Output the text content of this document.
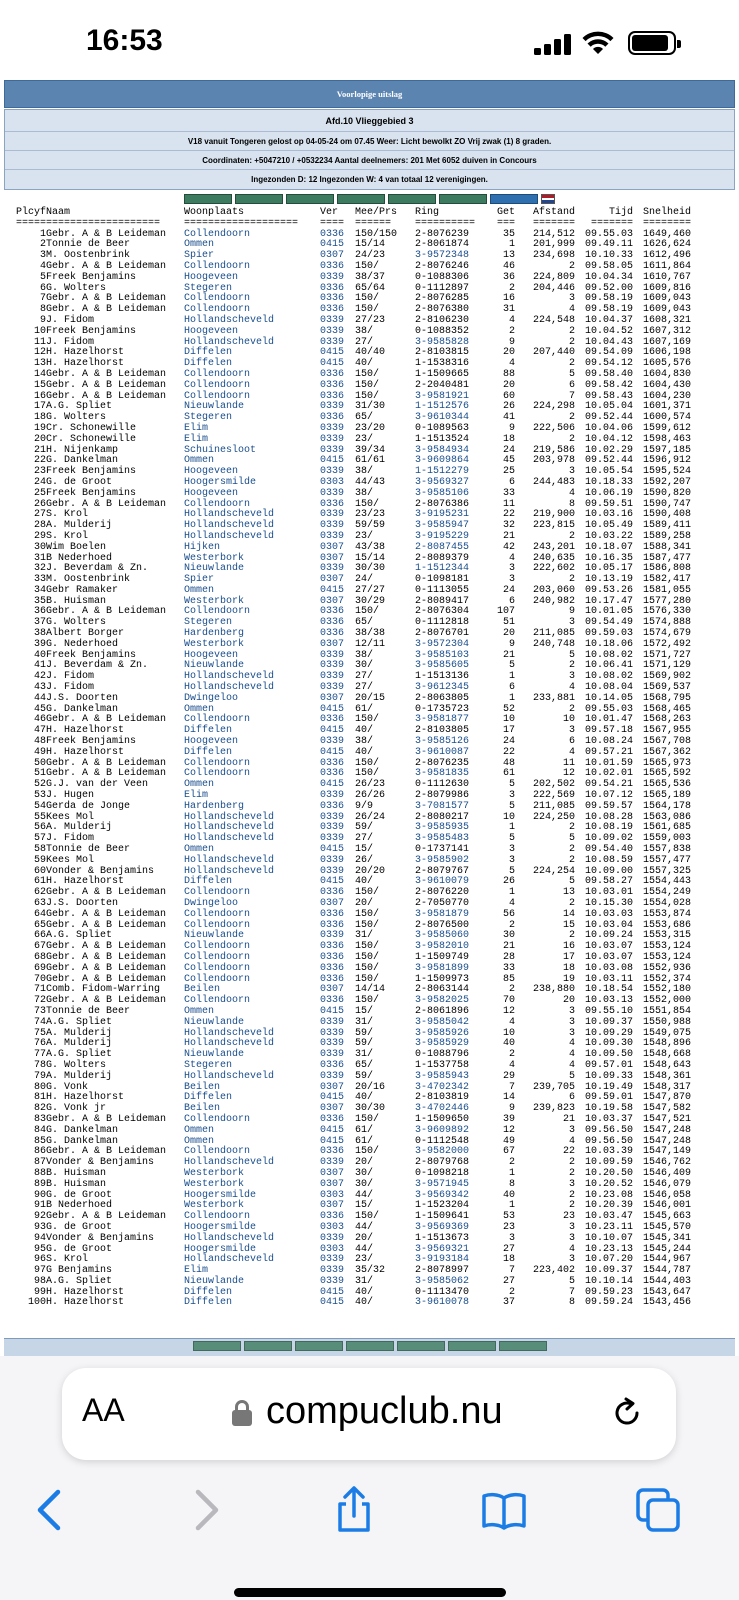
16:53
Voorlopige uitslag
Afd.10 Vlieggebied 3
V18 vanuit Tongeren gelost op 04-05-24 om 07.45 Weer: Licht bewolkt ZO Vrij zwak (1) 8 graden.
Coordinaten: +5047210 / +0532234 Aantal deelnemers: 201 Met 6052 duiven in Concours
Ingezonden D: 12 Ingezonden W: 4 van totaal 12 verenigingen.
Plcyf	Naam	Woonplaats	Ver	Mee/Prs	Ring	Get	Afstand	Tijd	Snelheid
=====	===================	===================	====	======	==========	===	=======	=======	========
1	Gebr. A & B Leideman	Collendoorn	0336	150/150	2-8076239	35	214,512	09.55.03	1649,460
2	Tonnie de Beer	Ommen	0415	15/14	2-8061874	1	201,999	09.49.11	1626,624
3	M. Oostenbrink	Spier	0307	24/23	3-9572348	13	234,698	10.10.33	1612,496
4	Gebr. A & B Leideman	Collendoorn	0336	150/	2-8076246	46	2	09.58.05	1611,864
5	Freek Benjamins	Hoogeveen	0339	38/37	0-1088306	36	224,809	10.04.34	1610,767
6	G. Wolters	Stegeren	0336	65/64	0-1112897	2	204,446	09.52.00	1609,816
7	Gebr. A & B Leideman	Collendoorn	0336	150/	2-8076285	16	3	09.58.19	1609,043
8	Gebr. A & B Leideman	Collendoorn	0336	150/	2-8076380	31	4	09.58.19	1609,043
9	J. Fidom	Hollandscheveld	0339	27/23	2-8106230	4	224,548	10.04.37	1608,321
10	Freek Benjamins	Hoogeveen	0339	38/	0-1088352	2	2	10.04.52	1607,312
11	J. Fidom	Hollandscheveld	0339	27/	3-9585828	9	2	10.04.43	1607,169
12	H. Hazelhorst	Diffelen	0415	40/40	2-8103815	20	207,440	09.54.09	1606,198
13	H. Hazelhorst	Diffelen	0415	40/	1-1538316	4	2	09.54.12	1605,576
14	Gebr. A & B Leideman	Collendoorn	0336	150/	1-1509665	88	5	09.58.40	1604,830
15	Gebr. A & B Leideman	Collendoorn	0336	150/	2-2040481	20	6	09.58.42	1604,430
16	Gebr. A & B Leideman	Collendoorn	0336	150/	3-9581921	60	7	09.58.43	1604,230
17	A.G. Spliet	Nieuwlande	0339	31/30	1-1512576	26	224,298	10.05.04	1601,371
18	G. Wolters	Stegeren	0336	65/	3-9610344	41	2	09.52.44	1600,574
19	Cr. Schonewille	Elim	0339	23/20	0-1089563	9	222,506	10.04.06	1599,612
20	Cr. Schonewille	Elim	0339	23/	1-1513524	18	2	10.04.12	1598,463
21	H. Nijenkamp	Schuinesloot	0339	39/34	3-9584934	24	219,586	10.02.29	1597,185
22	G. Dankelman	Ommen	0415	61/61	3-9609864	45	203,978	09.52.44	1596,912
23	Freek Benjamins	Hoogeveen	0339	38/	1-1512279	25	3	10.05.54	1595,524
24	G. de Groot	Hoogersmilde	0303	44/43	3-9569327	6	244,483	10.18.33	1592,207
25	Freek Benjamins	Hoogeveen	0339	38/	3-9585106	33	4	10.06.19	1590,820
26	Gebr. A & B Leideman	Collendoorn	0336	150/	2-8076386	11	8	09.59.51	1590,747
27	S. Krol	Hollandscheveld	0339	23/23	3-9195231	22	219,900	10.03.16	1590,408
28	A. Mulderij	Hollandscheveld	0339	59/59	3-9585947	32	223,815	10.05.49	1589,411
29	S. Krol	Hollandscheveld	0339	23/	3-9195229	21	2	10.03.22	1589,258
30	Wim Boelen	Hijken	0307	43/38	2-8087455	42	243,201	10.18.07	1588,341
31	B Nederhoed	Westerbork	0307	15/14	2-8089379	4	240,635	10.16.35	1587,477
32	J. Beverdam & Zn.	Nieuwlande	0339	30/30	1-1512344	3	222,602	10.05.17	1586,808
33	M. Oostenbrink	Spier	0307	24/	0-1098181	3	2	10.13.19	1582,417
34	Gebr Ramaker	Ommen	0415	27/27	0-1113055	24	203,060	09.53.26	1581,055
35	B. Huisman	Westerbork	0307	30/29	2-8089417	6	240,982	10.17.47	1577,280
36	Gebr. A & B Leideman	Collendoorn	0336	150/	2-8076304	107	9	10.01.05	1576,330
37	G. Wolters	Stegeren	0336	65/	0-1112818	51	3	09.54.49	1574,888
38	Albert Borger	Hardenberg	0336	38/38	2-8076701	20	211,085	09.59.03	1574,679
39	G. Nederhoed	Westerbork	0307	12/11	3-9572304	9	240,748	10.18.06	1572,492
40	Freek Benjamins	Hoogeveen	0339	38/	3-9585103	21	5	10.08.02	1571,727
41	J. Beverdam & Zn.	Nieuwlande	0339	30/	3-9585605	5	2	10.06.41	1571,129
42	J. Fidom	Hollandscheveld	0339	27/	1-1513136	1	3	10.08.02	1569,902
43	J. Fidom	Hollandscheveld	0339	27/	3-9612345	6	4	10.08.04	1569,537
44	J.S. Doorten	Dwingeloo	0307	20/15	2-8063805	1	233,881	10.14.05	1568,795
45	G. Dankelman	Ommen	0415	61/	0-1735723	52	2	09.55.03	1568,465
46	Gebr. A & B Leideman	Collendoorn	0336	150/	3-9581877	10	10	10.01.47	1568,263
47	H. Hazelhorst	Diffelen	0415	40/	2-8103805	17	3	09.57.18	1567,955
48	Freek Benjamins	Hoogeveen	0339	38/	3-9585126	24	6	10.08.24	1567,708
49	H. Hazelhorst	Diffelen	0415	40/	3-9610087	22	4	09.57.21	1567,362
50	Gebr. A & B Leideman	Collendoorn	0336	150/	2-8076235	48	11	10.01.59	1565,973
51	Gebr. A & B Leideman	Collendoorn	0336	150/	3-9581835	61	12	10.02.01	1565,592
52	G.J. van der Veen	Ommen	0415	26/23	0-1112630	5	202,502	09.54.21	1565,536
53	J. Hugen	Elim	0339	26/26	2-8079986	3	222,569	10.07.12	1565,189
54	Gerda de Jonge	Hardenberg	0336	9/9	3-7081577	5	211,085	09.59.57	1564,178
55	Kees Mol	Hollandscheveld	0339	26/24	2-8080217	10	224,250	10.08.28	1563,086
56	A. Mulderij	Hollandscheveld	0339	59/	3-9585935	1	2	10.08.19	1561,685
57	J. Fidom	Hollandscheveld	0339	27/	3-9585483	5	5	10.09.02	1559,003
58	Tonnie de Beer	Ommen	0415	15/	0-1737141	3	2	09.54.40	1557,838
59	Kees Mol	Hollandscheveld	0339	26/	3-9585902	3	2	10.08.59	1557,477
60	Vonder & Benjamins	Hollandscheveld	0339	20/20	2-8079767	5	224,254	10.09.00	1557,325
61	H. Hazelhorst	Diffelen	0415	40/	3-9610079	26	5	09.58.27	1554,443
62	Gebr. A & B Leideman	Collendoorn	0336	150/	2-8076220	1	13	10.03.01	1554,249
63	J.S. Doorten	Dwingeloo	0307	20/	2-7050770	4	2	10.15.30	1554,028
64	Gebr. A & B Leideman	Collendoorn	0336	150/	3-9581879	56	14	10.03.03	1553,874
65	Gebr. A & B Leideman	Collendoorn	0336	150/	2-8076500	2	15	10.03.04	1553,686
66	A.G. Spliet	Nieuwlande	0339	31/	3-9585060	30	2	10.09.24	1553,315
67	Gebr. A & B Leideman	Collendoorn	0336	150/	3-9582010	21	16	10.03.07	1553,124
68	Gebr. A & B Leideman	Collendoorn	0336	150/	1-1509749	28	17	10.03.07	1553,124
69	Gebr. A & B Leideman	Collendoorn	0336	150/	3-9581899	33	18	10.03.08	1552,936
70	Gebr. A & B Leideman	Collendoorn	0336	150/	1-1509973	85	19	10.03.11	1552,374
71	Comb. Fidom-Warring	Beilen	0307	14/14	2-8063144	2	238,880	10.18.54	1552,180
72	Gebr. A & B Leideman	Collendoorn	0336	150/	3-9582025	70	20	10.03.13	1552,000
73	Tonnie de Beer	Ommen	0415	15/	2-8061896	12	3	09.55.10	1551,854
74	A.G. Spliet	Nieuwlande	0339	31/	3-9585042	4	3	10.09.37	1550,988
75	A. Mulderij	Hollandscheveld	0339	59/	3-9585926	10	3	10.09.29	1549,075
76	A. Mulderij	Hollandscheveld	0339	59/	3-9585929	40	4	10.09.30	1548,896
77	A.G. Spliet	Nieuwlande	0339	31/	0-1088796	2	4	10.09.50	1548,668
78	G. Wolters	Stegeren	0336	65/	1-1537758	4	4	09.57.01	1548,643
79	A. Mulderij	Hollandscheveld	0339	59/	3-9585943	29	5	10.09.33	1548,361
80	G. Vonk	Beilen	0307	20/16	3-4702342	7	239,705	10.19.49	1548,317
81	H. Hazelhorst	Diffelen	0415	40/	2-8103819	14	6	09.59.01	1547,870
82	G. Vonk jr	Beilen	0307	30/30	3-4702446	9	239,823	10.19.58	1547,582
83	Gebr. A & B Leideman	Collendoorn	0336	150/	1-1509650	39	21	10.03.37	1547,521
84	G. Dankelman	Ommen	0415	61/	3-9609892	12	3	09.56.50	1547,248
85	G. Dankelman	Ommen	0415	61/	0-1112548	49	4	09.56.50	1547,248
86	Gebr. A & B Leideman	Collendoorn	0336	150/	3-9582000	67	22	10.03.39	1547,149
87	Vonder & Benjamins	Hollandscheveld	0339	20/	2-8079768	2	2	10.09.59	1546,762
88	B. Huisman	Westerbork	0307	30/	0-1098218	1	2	10.20.50	1546,409
89	B. Huisman	Westerbork	0307	30/	3-9571945	8	3	10.20.52	1546,079
90	G. de Groot	Hoogersmilde	0303	44/	3-9569342	40	2	10.23.08	1546,058
91	B Nederhoed	Westerbork	0307	15/	1-1523204	1	2	10.20.39	1546,001
92	Gebr. A & B Leideman	Collendoorn	0336	150/	1-1509641	53	23	10.03.47	1545,663
93	G. de Groot	Hoogersmilde	0303	44/	3-9569369	23	3	10.23.11	1545,570
94	Vonder & Benjamins	Hollandscheveld	0339	20/	1-1513673	3	3	10.10.07	1545,341
95	G. de Groot	Hoogersmilde	0303	44/	3-9569321	27	4	10.23.13	1545,244
96	S. Krol	Hollandscheveld	0339	23/	3-9193184	18	3	10.07.20	1544,967
97	G Benjamins	Elim	0339	35/32	2-8078997	7	223,402	10.09.37	1544,787
98	A.G. Spliet	Nieuwlande	0339	31/	3-9585062	27	5	10.10.14	1544,403
99	H. Hazelhorst	Diffelen	0415	40/	0-1113470	2	7	09.59.23	1543,647
100	H. Hazelhorst	Diffelen	0415	40/	3-9610078	37	8	09.59.24	1543,456
AA	compuclub.nu
